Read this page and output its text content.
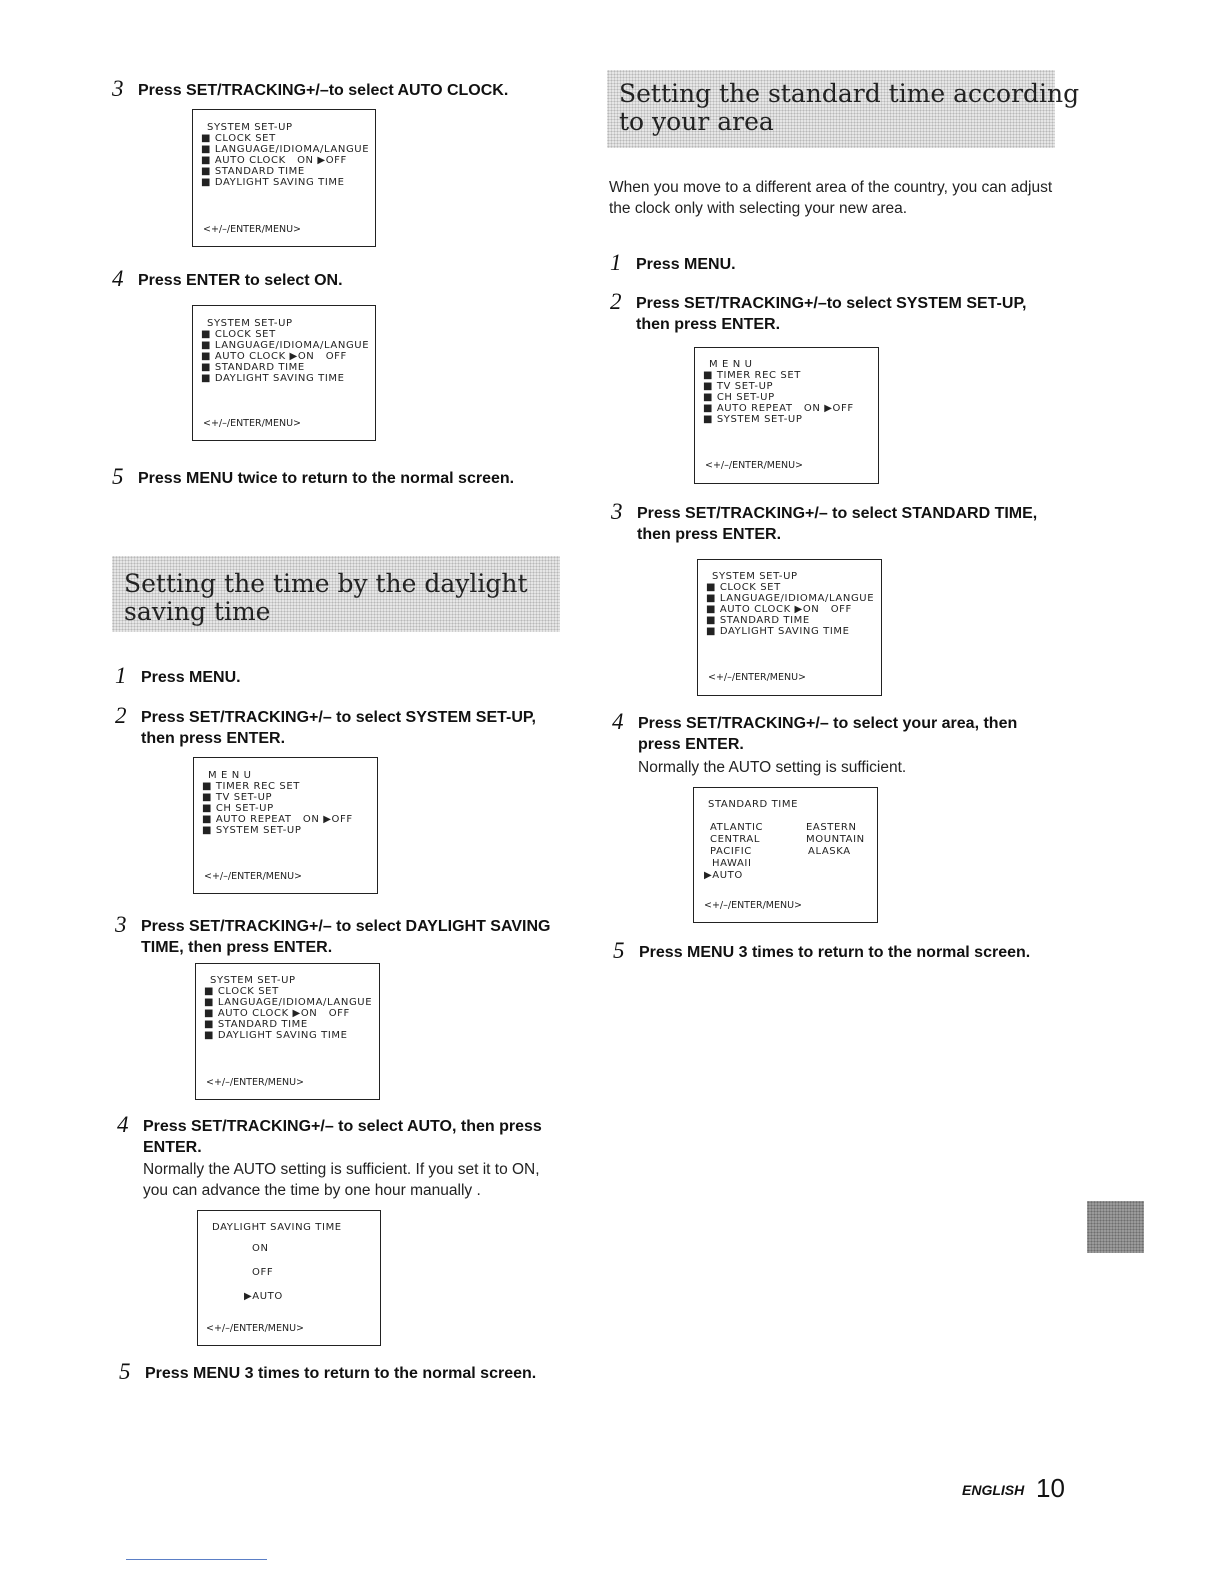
3 Press SET/TRACKING+/–to select AUTO CLOCK.
SYSTEM SET-UP
■ CLOCK SET
■ LANGUAGE/IDIOMA/LANGUE
■ AUTO CLOCK   ON ▶OFF
■ STANDARD TIME
■ DAYLIGHT SAVING TIME
<+/–/ENTER/MENU>
4 Press ENTER to select ON.
SYSTEM SET-UP
■ CLOCK SET
■ LANGUAGE/IDIOMA/LANGUE
■ AUTO CLOCK ▶ON   OFF
■ STANDARD TIME
■ DAYLIGHT SAVING TIME
<+/–/ENTER/MENU>
5 Press MENU twice to return to the normal screen.
Setting the time by the daylight
saving time
1 Press MENU.
2 Press SET/TRACKING+/– to select SYSTEM SET-UP, then press ENTER.
M E N U
■ TIMER REC SET
■ TV SET-UP
■ CH SET-UP
■ AUTO REPEAT   ON ▶OFF
■ SYSTEM SET-UP
<+/–/ENTER/MENU>
3 Press SET/TRACKING+/– to select DAYLIGHT SAVING TIME, then press ENTER.
SYSTEM SET-UP
■ CLOCK SET
■ LANGUAGE/IDIOMA/LANGUE
■ AUTO CLOCK ▶ON   OFF
■ STANDARD TIME
■ DAYLIGHT SAVING TIME
<+/–/ENTER/MENU>
4 Press SET/TRACKING+/– to select AUTO, then press ENTER.
Normally the AUTO setting is sufficient. If you set it to ON, you can advance the time by one hour manually .
DAYLIGHT SAVING TIME
ON
OFF
▶AUTO
<+/–/ENTER/MENU>
5 Press MENU 3 times to return to the normal screen.
Setting the standard time according
to your area
When you move to a different area of the country, you can adjust the clock only with selecting your new area.
1 Press MENU.
2 Press SET/TRACKING+/–to select SYSTEM SET-UP, then press ENTER.
M E N U
■ TIMER REC SET
■ TV SET-UP
■ CH SET-UP
■ AUTO REPEAT   ON ▶OFF
■ SYSTEM SET-UP
<+/–/ENTER/MENU>
3 Press SET/TRACKING+/– to select STANDARD TIME, then press ENTER.
SYSTEM SET-UP
■ CLOCK SET
■ LANGUAGE/IDIOMA/LANGUE
■ AUTO CLOCK ▶ON   OFF
■ STANDARD TIME
■ DAYLIGHT SAVING TIME
<+/–/ENTER/MENU>
4 Press SET/TRACKING+/– to select your area, then press ENTER.
Normally the AUTO setting is sufficient.
STANDARD TIME
ATLANTIC
CENTRAL
PACIFIC
HAWAII
▶AUTO
EASTERN
MOUNTAIN
ALASKA
<+/–/ENTER/MENU>
5 Press MENU 3 times to return to the normal screen.
ENGLISH 10
